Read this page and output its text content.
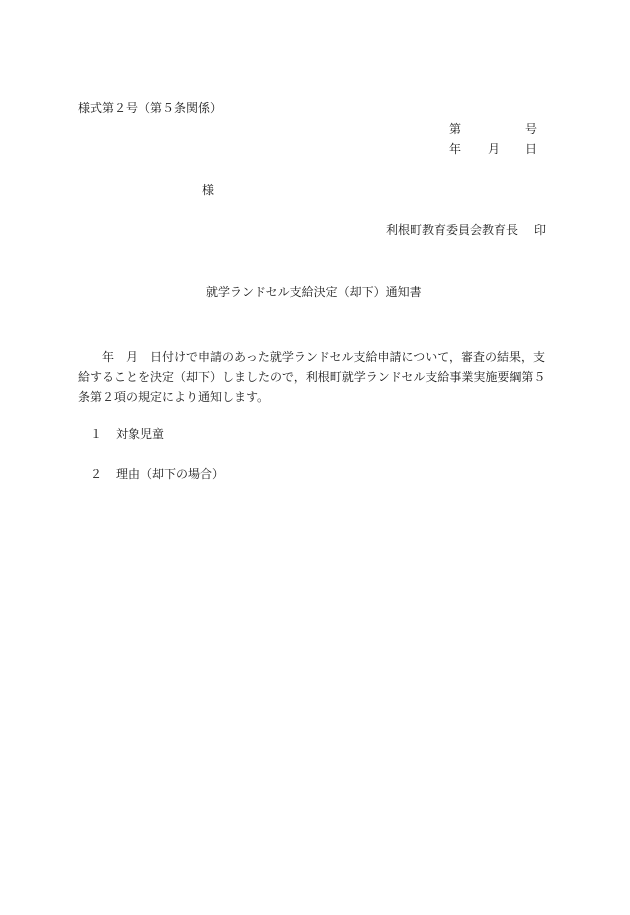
様式第２号（第５条関係）
第	号
年 月 日
様
利根町教育委員会教育長 印
就学ランドセル支給決定（却下）通知書
年　月　日付けで申請のあった就学ランドセル支給申請について，審査の結果，支
給することを決定（却下）しましたので，利根町就学ランドセル支給事業実施要綱第５
条第２項の規定により通知します。
１ 対象児童
２ 理由（却下の場合）
